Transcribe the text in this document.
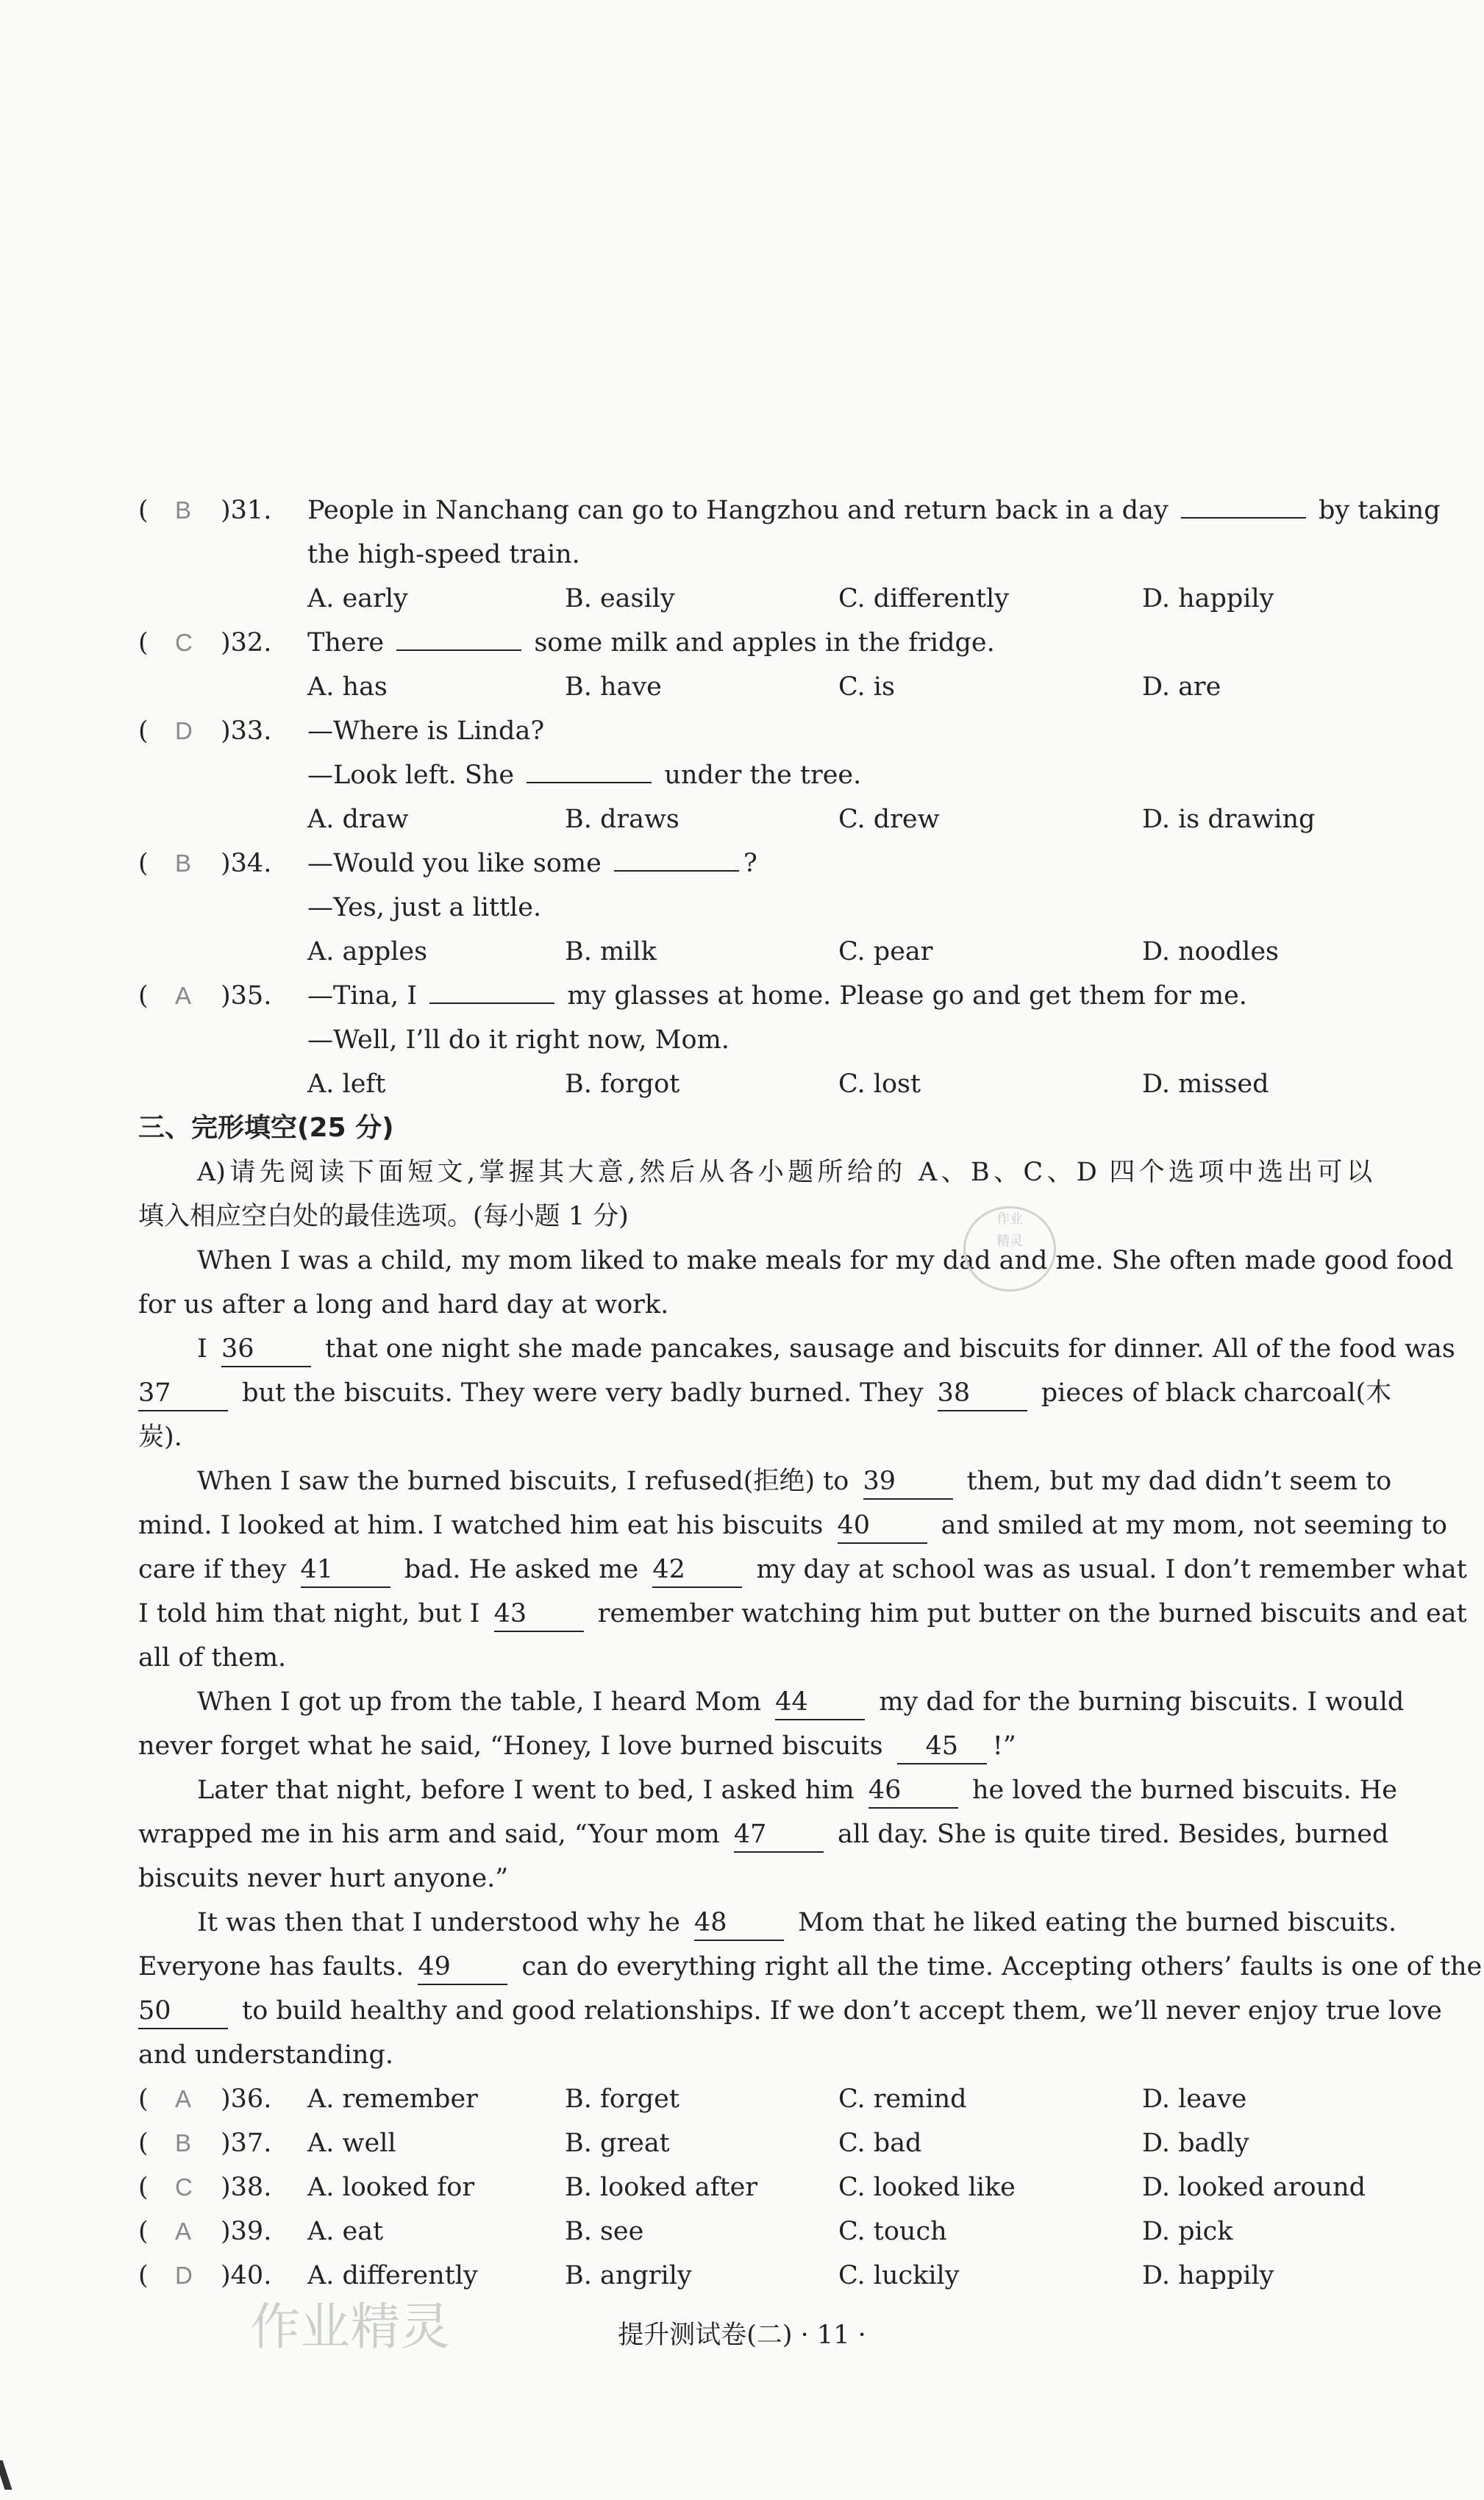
( B )31. People in Nanchang can go to Hangzhou and return back in a day	by taking
the high-speed train.
A. early	B. easily	C. differently	D. happily
( C )32. There	some milk and apples in the fridge.
A. has	B. have	C. is	D. are
( D )33. —Where is Linda?
—Look left. She	under the tree.
A. draw	B. draws	C. drew	D. is drawing
( B )34. —Would you like some	?
—Yes, just a little.
A. apples	B. milk	C. pear	D. noodles
( A )35. —Tina, I	my glasses at home. Please go and get them for me.
—Well, I’ll do it right now, Mom.
A. left	B. forgot	C. lost	D. missed
三、完形填空(25 分)
A)请先阅读下面短文,掌握其大意,然后从各小题所给的 A、B、C、D 四个选项中选出可以
填入相应空白处的最佳选项。(每小题 1 分)
When I was a child, my mom liked to make meals for my dad and me. She often made good food
for us after a long and hard day at work.
I 36	that one night she made pancakes, sausage and biscuits for dinner. All of the food was
37	but the biscuits. They were very badly burned. They 38	pieces of black charcoal(木
炭).
When I saw the burned biscuits, I refused(拒绝) to 39	them, but my dad didn’t seem to
mind. I looked at him. I watched him eat his biscuits 40	and smiled at my mom, not seeming to
care if they 41	bad. He asked me 42	my day at school was as usual. I don’t remember what
I told him that night, but I 43	remember watching him put butter on the burned biscuits and eat
all of them.
When I got up from the table, I heard Mom 44	my dad for the burning biscuits. I would
never forget what he said, “Honey, I love burned biscuits 45 !”
Later that night, before I went to bed, I asked him 46	he loved the burned biscuits. He
wrapped me in his arm and said, “Your mom 47	all day. She is quite tired. Besides, burned
biscuits never hurt anyone.”
It was then that I understood why he 48	Mom that he liked eating the burned biscuits.
Everyone has faults. 49	can do everything right all the time. Accepting others’ faults is one of the
50	to build healthy and good relationships. If we don’t accept them, we’ll never enjoy true love
and understanding.
( A )36. A. remember	B. forget	C. remind	D. leave
( B )37. A. well	B. great	C. bad	D. badly
( C )38. A. looked for	B. looked after	C. looked like	D. looked around
( A )39. A. eat	B. see	C. touch	D. pick
( D )40. A. differently	B. angrily	C. luckily	D. happily
作业
精灵
作业精灵	提升测试卷(二) · 11 ·
